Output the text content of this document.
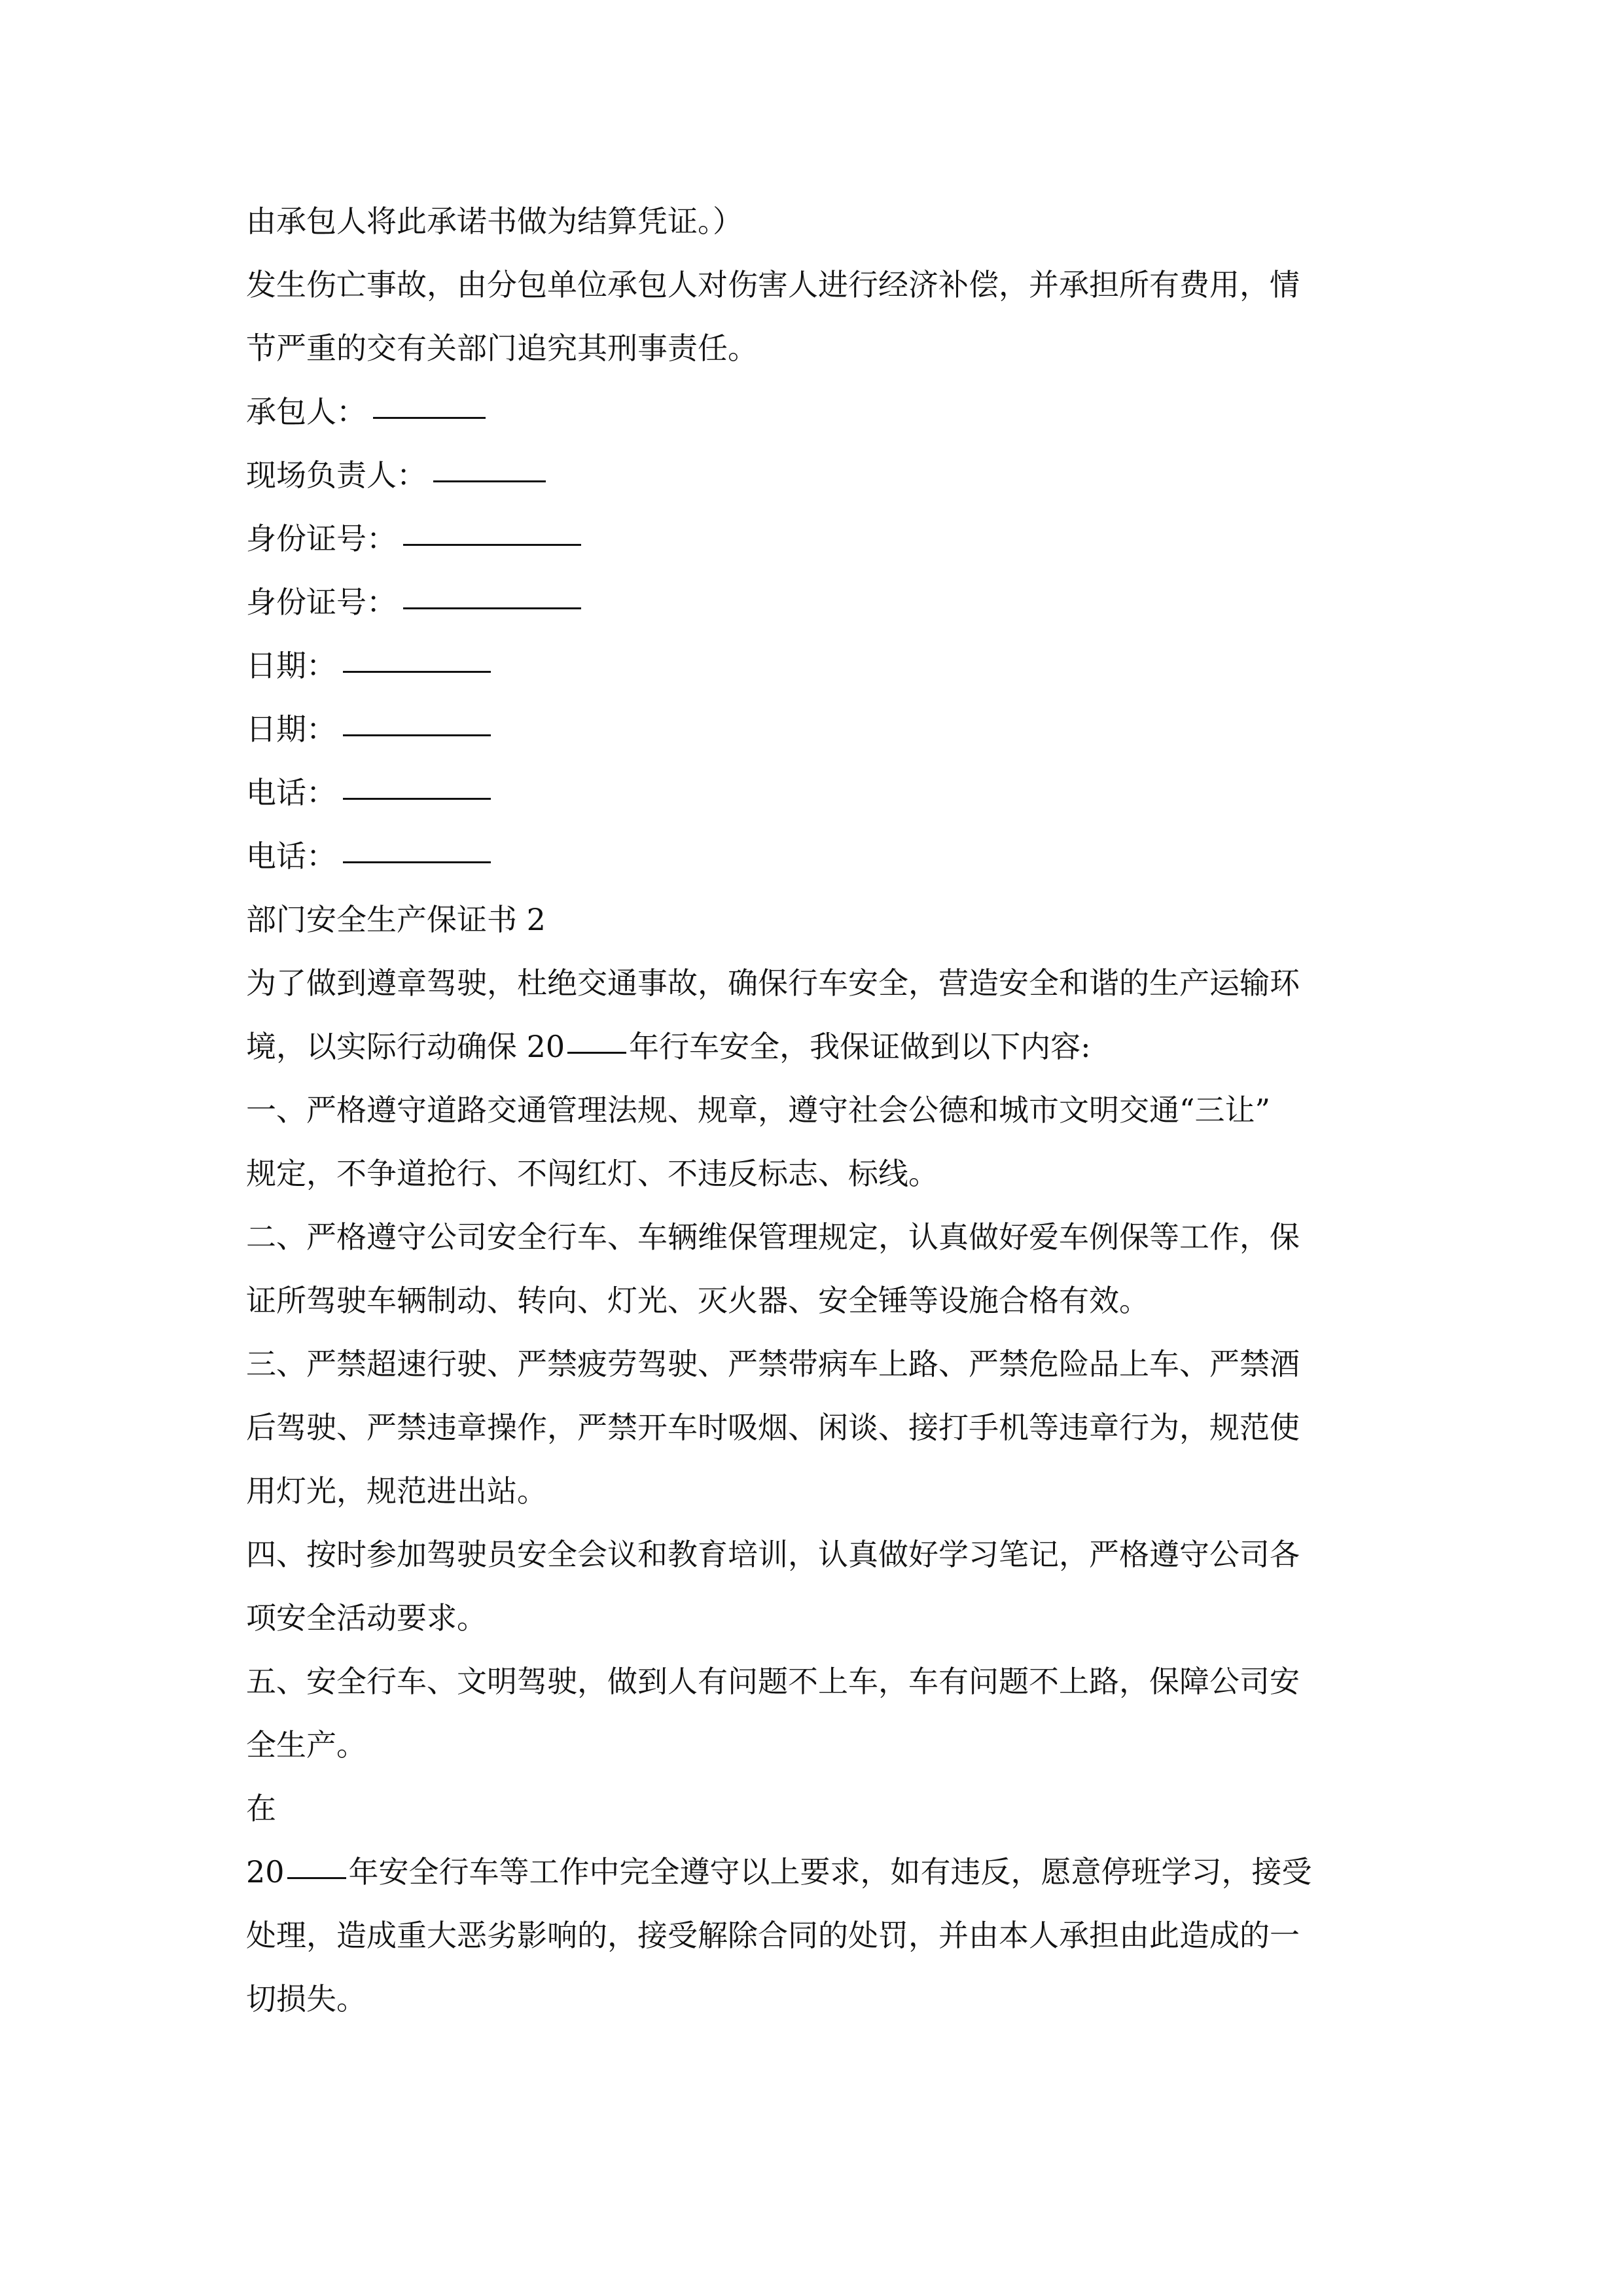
由承包人将此承诺书做为结算凭证。）
发生伤亡事故，由分包单位承包人对伤害人进行经济补偿，并承担所有费用，情
节严重的交有关部门追究其刑事责任。
承包人：
现场负责人：
身份证号：
身份证号：
日期：
日期：
电话：
电话：
部门安全生产保证书 2
为了做到遵章驾驶，杜绝交通事故，确保行车安全，营造安全和谐的生产运输环
境，以实际行动确保 20 年行车安全，我保证做到以下内容:
一、严格遵守道路交通管理法规、规章，遵守社会公德和城市文明交通“三让”
规定，不争道抢行、不闯红灯、不违反标志、标线。
二、严格遵守公司安全行车、车辆维保管理规定，认真做好爱车例保等工作，保
证所驾驶车辆制动、转向、灯光、灭火器、安全锤等设施合格有效。
三、严禁超速行驶、严禁疲劳驾驶、严禁带病车上路、严禁危险品上车、严禁酒
后驾驶、严禁违章操作，严禁开车时吸烟、闲谈、接打手机等违章行为，规范使
用灯光，规范进出站。
四、按时参加驾驶员安全会议和教育培训，认真做好学习笔记，严格遵守公司各
项安全活动要求。
五、安全行车、文明驾驶，做到人有问题不上车，车有问题不上路，保障公司安
全生产。
在
20 年安全行车等工作中完全遵守以上要求，如有违反，愿意停班学习，接受
处理，造成重大恶劣影响的，接受解除合同的处罚，并由本人承担由此造成的一
切损失。
